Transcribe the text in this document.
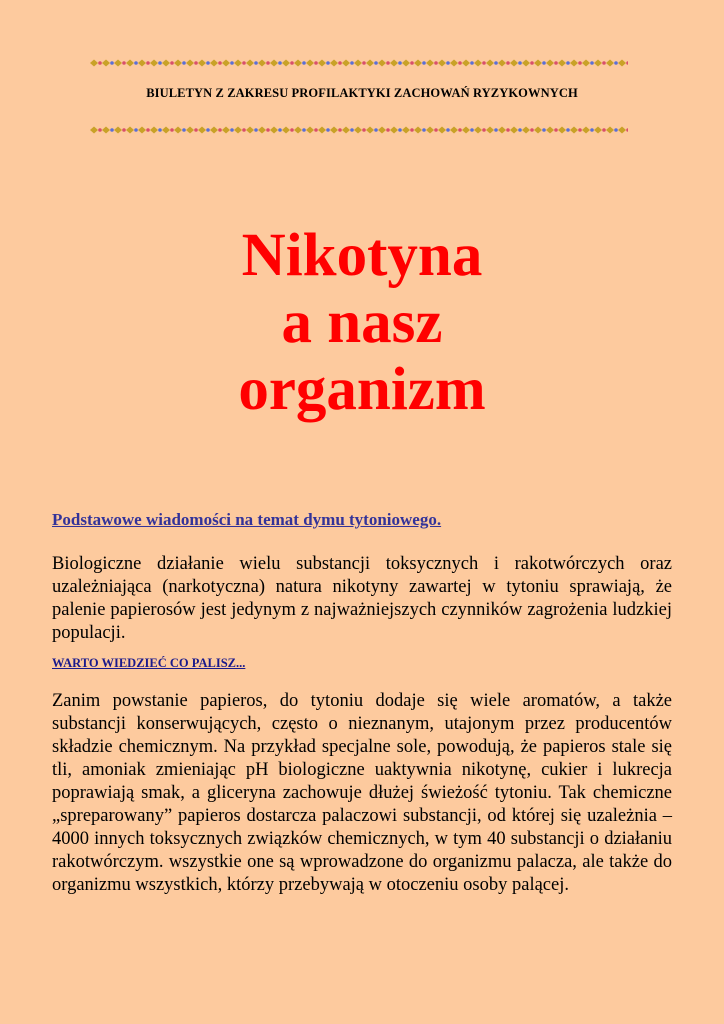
BIULETYN Z ZAKRESU PROFILAKTYKI ZACHOWAŃ RYZYKOWNYCH
Nikotyna
a nasz
organizm
Podstawowe wiadomości na temat dymu tytoniowego.

Biologiczne działanie wielu substancji toksycznych i rakotwórczych oraz uzależniająca (narkotyczna) natura nikotyny zawartej w tytoniu sprawiają, że palenie papierosów jest jedynym z najważniejszych czynników zagrożenia ludzkiej populacji.

WARTO WIEDZIEĆ CO PALISZ...

Zanim powstanie papieros, do tytoniu dodaje się wiele aromatów, a także substancji konserwujących, często o nieznanym, utajonym przez producentów składzie chemicznym. Na przykład specjalne sole, powodują, że papieros stale się tli, amoniak zmieniając pH biologiczne uaktywnia nikotynę, cukier i lukrecja poprawiają smak, a gliceryna zachowuje dłużej świeżość tytoniu. Tak chemiczne „spreparowany” papieros dostarcza palaczowi substancji, od której się uzależnia – 4000 innych toksycznych związków chemicznych, w tym 40 substancji o działaniu rakotwórczym. wszystkie one są wprowadzone do organizmu palacza, ale także do organizmu wszystkich, którzy przebywają w otoczeniu osoby palącej.
